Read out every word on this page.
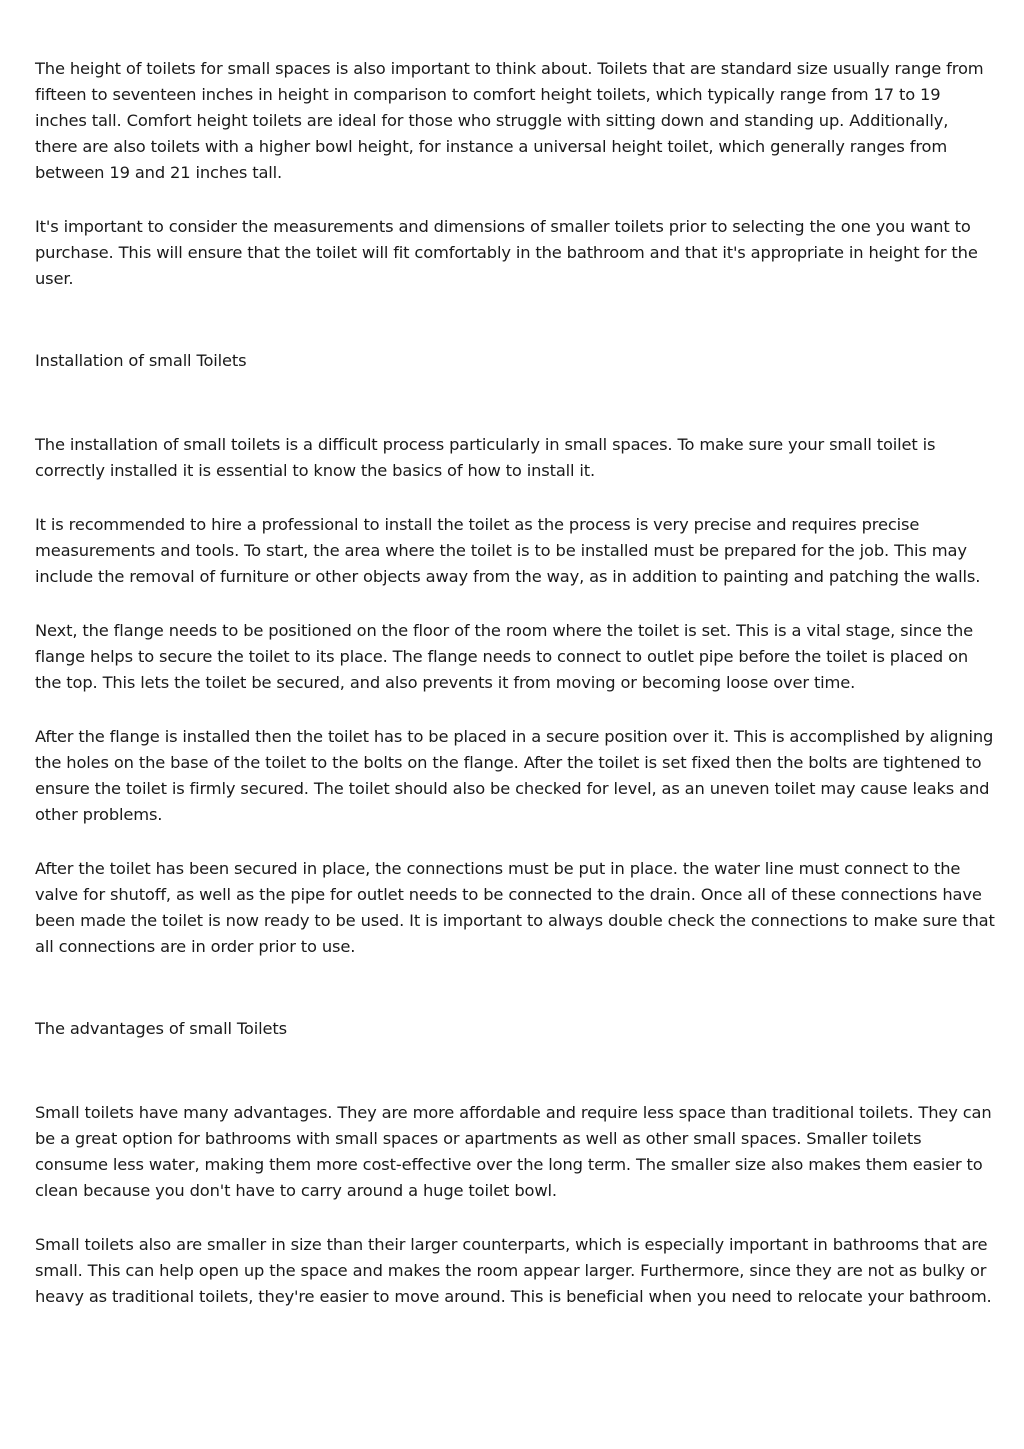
The height of toilets for small spaces is also important to think about. Toilets that are standard size usually range from fifteen to seventeen inches in height in comparison to comfort height toilets, which typically range from 17 to 19 inches tall. Comfort height toilets are ideal for those who struggle with sitting down and standing up. Additionally, there are also toilets with a higher bowl height, for instance a universal height toilet, which generally ranges from between 19 and 21 inches tall.

It's important to consider the measurements and dimensions of smaller toilets prior to selecting the one you want to purchase. This will ensure that the toilet will fit comfortably in the bathroom and that it's appropriate in height for the user.

Installation of small Toilets

The installation of small toilets is a difficult process particularly in small spaces. To make sure your small toilet is correctly installed it is essential to know the basics of how to install it.

It is recommended to hire a professional to install the toilet as the process is very precise and requires precise measurements and tools. To start, the area where the toilet is to be installed must be prepared for the job. This may include the removal of furniture or other objects away from the way, as in addition to painting and patching the walls.

Next, the flange needs to be positioned on the floor of the room where the toilet is set. This is a vital stage, since the flange helps to secure the toilet to its place. The flange needs to connect to outlet pipe before the toilet is placed on the top. This lets the toilet be secured, and also prevents it from moving or becoming loose over time.

After the flange is installed then the toilet has to be placed in a secure position over it. This is accomplished by aligning the holes on the base of the toilet to the bolts on the flange. After the toilet is set fixed then the bolts are tightened to ensure the toilet is firmly secured. The toilet should also be checked for level, as an uneven toilet may cause leaks and other problems.

After the toilet has been secured in place, the connections must be put in place. the water line must connect to the valve for shutoff, as well as the pipe for outlet needs to be connected to the drain. Once all of these connections have been made the toilet is now ready to be used. It is important to always double check the connections to make sure that all connections are in order prior to use.

The advantages of small Toilets

Small toilets have many advantages. They are more affordable and require less space than traditional toilets. They can be a great option for bathrooms with small spaces or apartments as well as other small spaces. Smaller toilets consume less water, making them more cost-effective over the long term. The smaller size also makes them easier to clean because you don't have to carry around a huge toilet bowl.

Small toilets also are smaller in size than their larger counterparts, which is especially important in bathrooms that are small. This can help open up the space and makes the room appear larger. Furthermore, since they are not as bulky or heavy as traditional toilets, they're easier to move around. This is beneficial when you need to relocate your bathroom.
